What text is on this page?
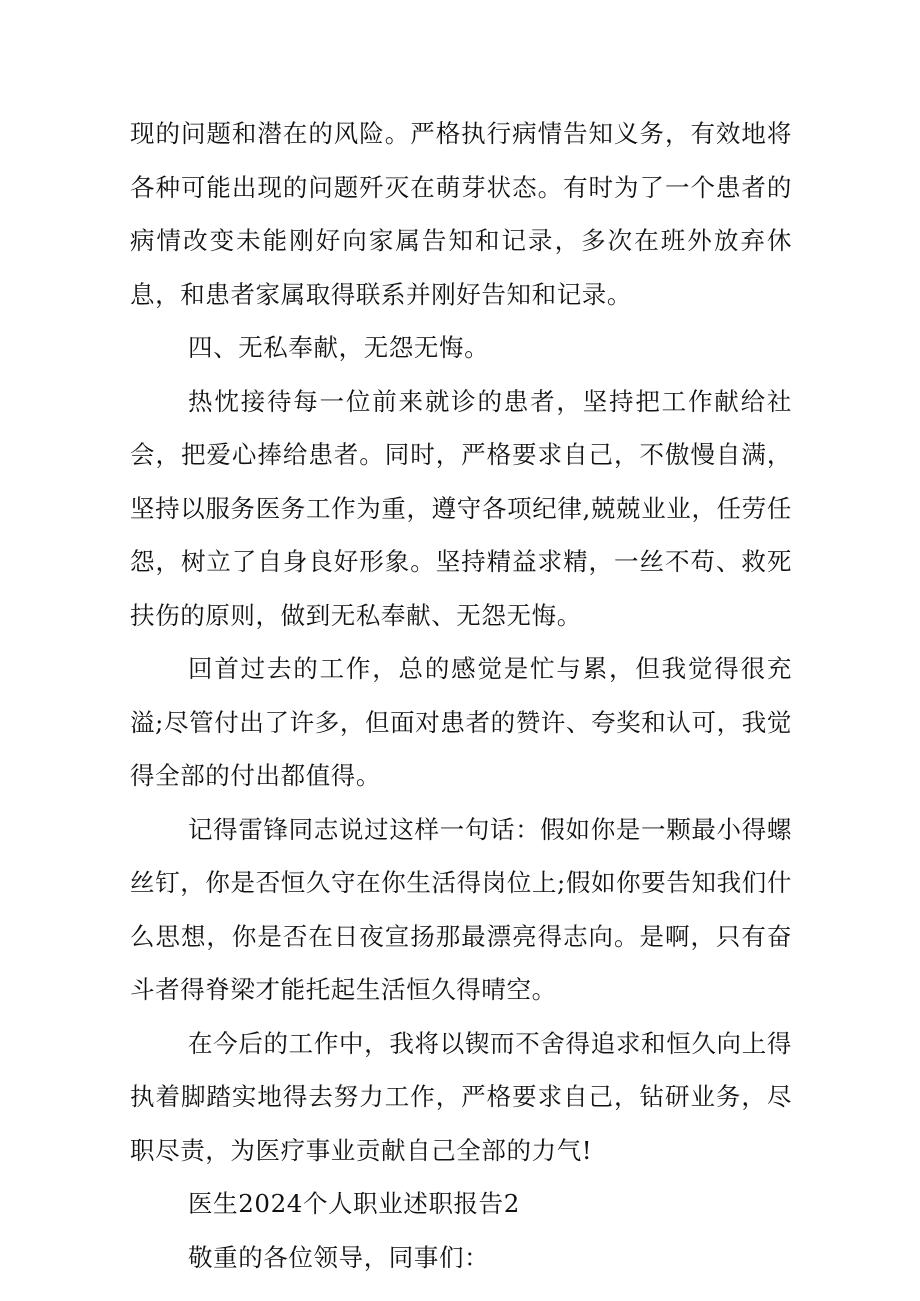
现的问题和潜在的风险。严格执行病情告知义务，有效地将各种可能出现的问题歼灭在萌芽状态。有时为了一个患者的病情改变未能刚好向家属告知和记录，多次在班外放弃休息，和患者家属取得联系并刚好告知和记录。

四、无私奉献，无怨无悔。

热忱接待每一位前来就诊的患者，坚持把工作献给社会，把爱心捧给患者。同时，严格要求自己，不傲慢自满，坚持以服务医务工作为重，遵守各项纪律,兢兢业业，任劳任怨，树立了自身良好形象。坚持精益求精，一丝不苟、救死扶伤的原则，做到无私奉献、无怨无悔。

回首过去的工作，总的感觉是忙与累，但我觉得很充溢;尽管付出了许多，但面对患者的赞许、夸奖和认可，我觉得全部的付出都值得。

记得雷锋同志说过这样一句话：假如你是一颗最小得螺丝钉，你是否恒久守在你生活得岗位上;假如你要告知我们什么思想，你是否在日夜宣扬那最漂亮得志向。是啊，只有奋斗者得脊梁才能托起生活恒久得晴空。

在今后的工作中，我将以锲而不舍得追求和恒久向上得执着脚踏实地得去努力工作，严格要求自己，钻研业务，尽职尽责，为医疗事业贡献自己全部的力气!

医生2024个人职业述职报告2

敬重的各位领导，同事们：
